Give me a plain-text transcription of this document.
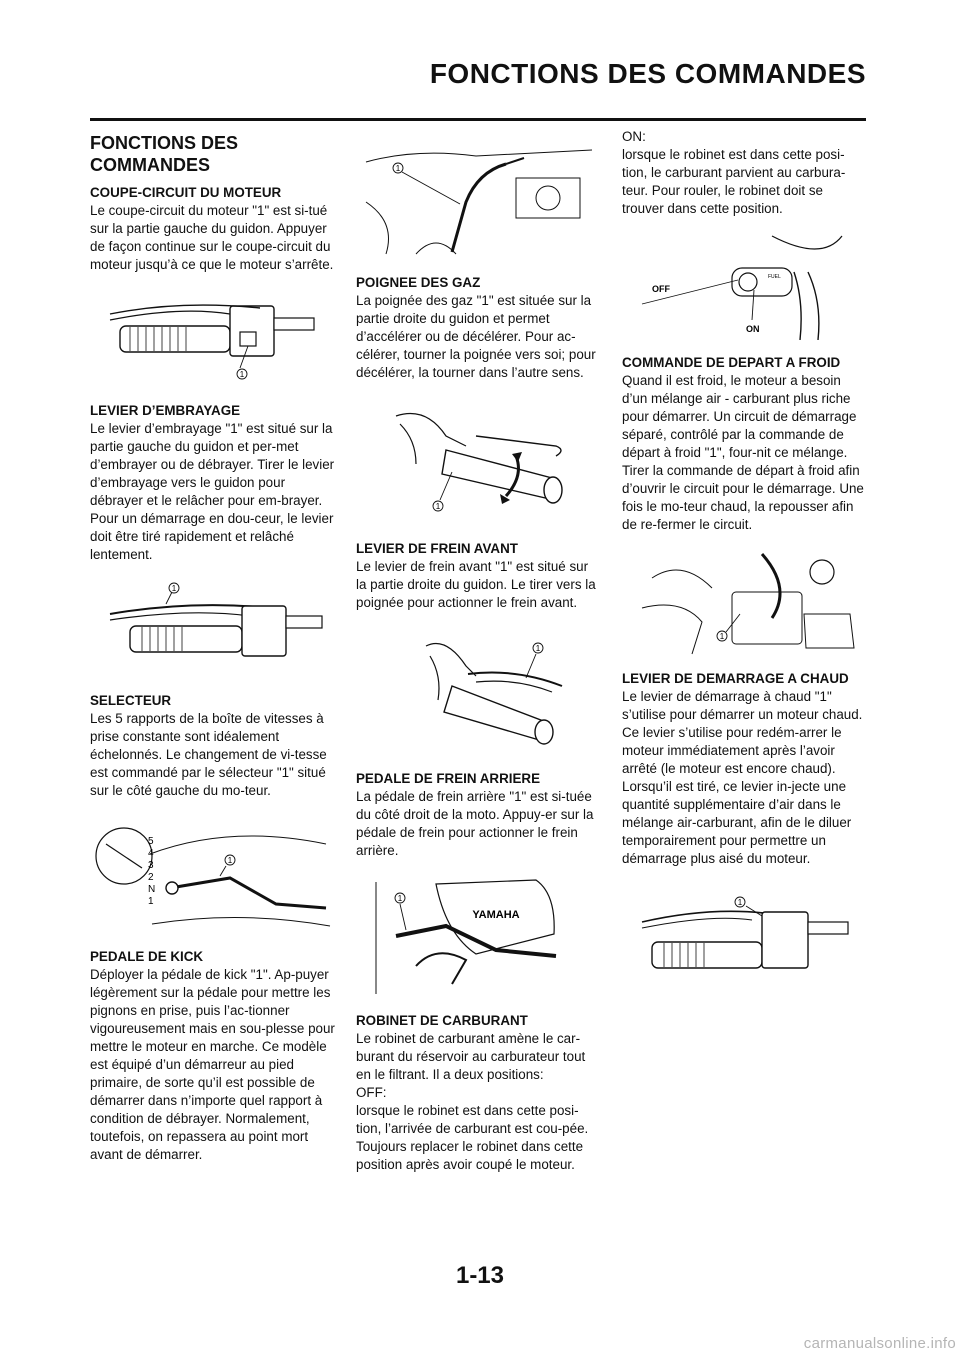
FONCTIONS DES COMMANDES
FONCTIONS DES COMMANDES
COUPE-CIRCUIT DU MOTEUR

Le coupe-circuit du moteur "1" est si-tué sur la partie gauche du guidon. Appuyer de façon continue sur le coupe-circuit du moteur jusqu’à ce que le moteur s’arrête.

1
LEVIER D’EMBRAYAGE

Le levier d’embrayage "1" est situé sur la partie gauche du guidon et per-met d’embrayer ou de débrayer. Tirer le levier d’embrayage vers le guidon pour débrayer et le relâcher pour em-brayer. Pour un démarrage en dou-ceur, le levier doit être tiré rapidement et relâché lentement.

1
SELECTEUR

Les 5 rapports de la boîte de vitesses à prise constante sont idéalement échelonnés. Le changement de vi-tesse est commandé par le sélecteur "1" situé sur le côté gauche du mo-teur.

5
4
3
2
N
1
1
PEDALE DE KICK

Déployer la pédale de kick "1". Ap-puyer légèrement sur la pédale pour mettre les pignons en prise, puis l’ac-tionner vigoureusement mais en sou-plesse pour mettre le moteur en marche. Ce modèle est équipé d’un démarreur au pied primaire, de sorte qu’il est possible de démarrer dans n’importe quel rapport à condition de débrayer. Normalement, toutefois, on repassera au point mort avant de démarrer.

1
POIGNEE DES GAZ

La poignée des gaz "1" est située sur la partie droite du guidon et permet d’accélérer ou de décélérer. Pour ac-célérer, tourner la poignée vers soi; pour décélérer, la tourner dans l’autre sens.

1
LEVIER DE FREIN AVANT

Le levier de frein avant "1" est situé sur la partie droite du guidon. Le tirer vers la poignée pour actionner le frein avant.

1
PEDALE DE FREIN ARRIERE

La pédale de frein arrière "1" est si-tuée du côté droit de la moto. Appuy-er sur la pédale de frein pour actionner le frein arrière.

YAMAHA
1
ROBINET DE CARBURANT

Le robinet de carburant amène le car-burant du réservoir au carburateur tout en le filtrant. Il a deux positions:

OFF:

lorsque le robinet est dans cette posi-tion, l’arrivée de carburant est cou-pée. Toujours replacer le robinet dans cette position après avoir coupé le moteur.

ON:

lorsque le robinet est dans cette posi-tion, le carburant parvient au carbura-teur. Pour rouler, le robinet doit se trouver dans cette position.

FUEL
OFF
ON
COMMANDE DE DEPART A FROID

Quand il est froid, le moteur a besoin d’un mélange air - carburant plus riche pour démarrer. Un circuit de démarrage séparé, contrôlé par la commande de départ à froid "1", four-nit ce mélange. Tirer la commande de départ à froid afin d’ouvrir le circuit pour le démarrage. Une fois le mo-teur chaud, la repousser afin de re-fermer le circuit.

1
LEVIER DE DEMARRAGE A CHAUD

Le levier de démarrage à chaud "1" s’utilise pour démarrer un moteur chaud. Ce levier s’utilise pour redém-arrer le moteur immédiatement après l’avoir arrêté (le moteur est encore chaud). Lorsqu’il est tiré, ce levier in-jecte une quantité supplémentaire d’air dans le mélange air-carburant, afin de le diluer temporairement pour permettre un démarrage plus aisé du moteur.

1
1-13
carmanualsonline.info
